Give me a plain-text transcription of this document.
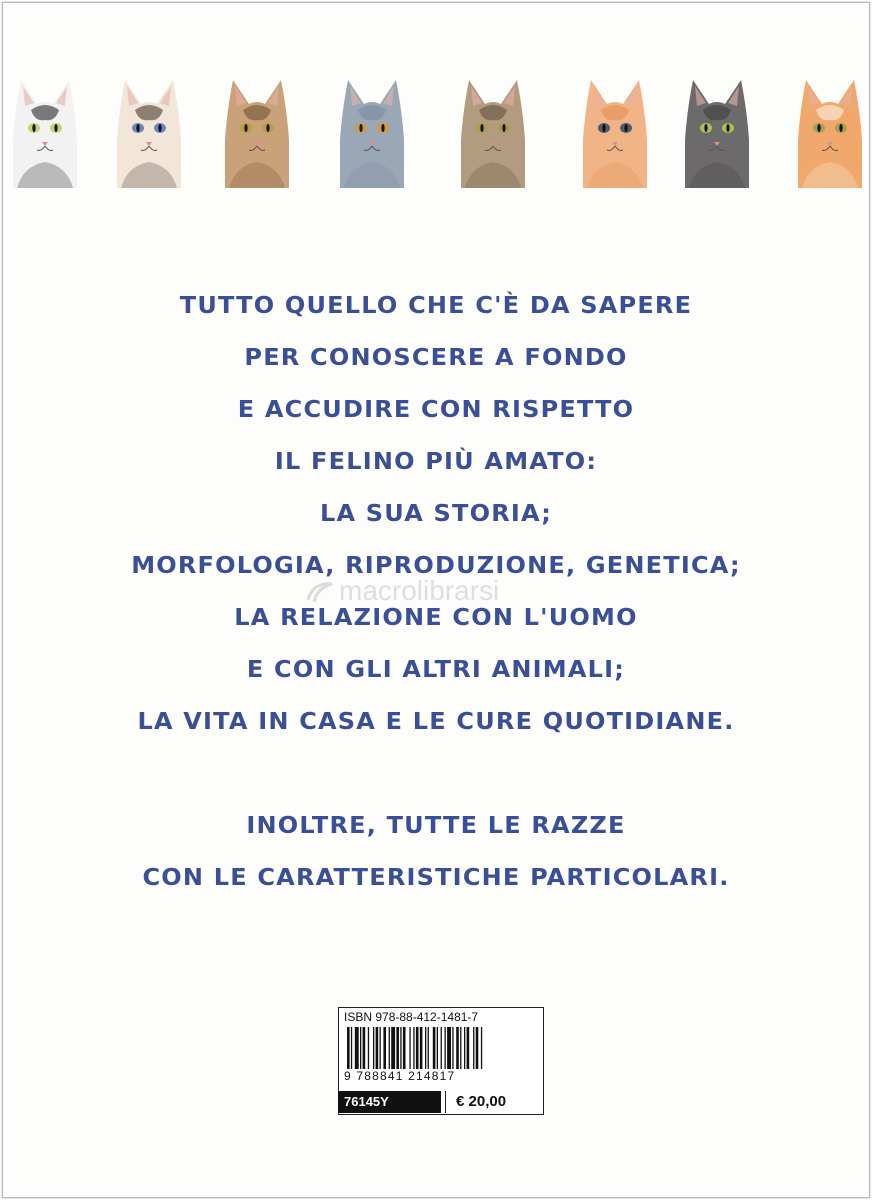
TUTTO QUELLO CHE C'È DA SAPERE
PER CONOSCERE A FONDO
E ACCUDIRE CON RISPETTO
IL FELINO PIÙ AMATO:
LA SUA STORIA;
MORFOLOGIA, RIPRODUZIONE, GENETICA;
LA RELAZIONE CON L'UOMO
E CON GLI ALTRI ANIMALI;
LA VITA IN CASA E LE CURE QUOTIDIANE.
INOLTRE, TUTTE LE RAZZE
CON LE CARATTERISTICHE PARTICOLARI.
macrolibrarsi
ISBN 978-88-412-1481-7
9 788841 214817
76145Y	€ 20,00
